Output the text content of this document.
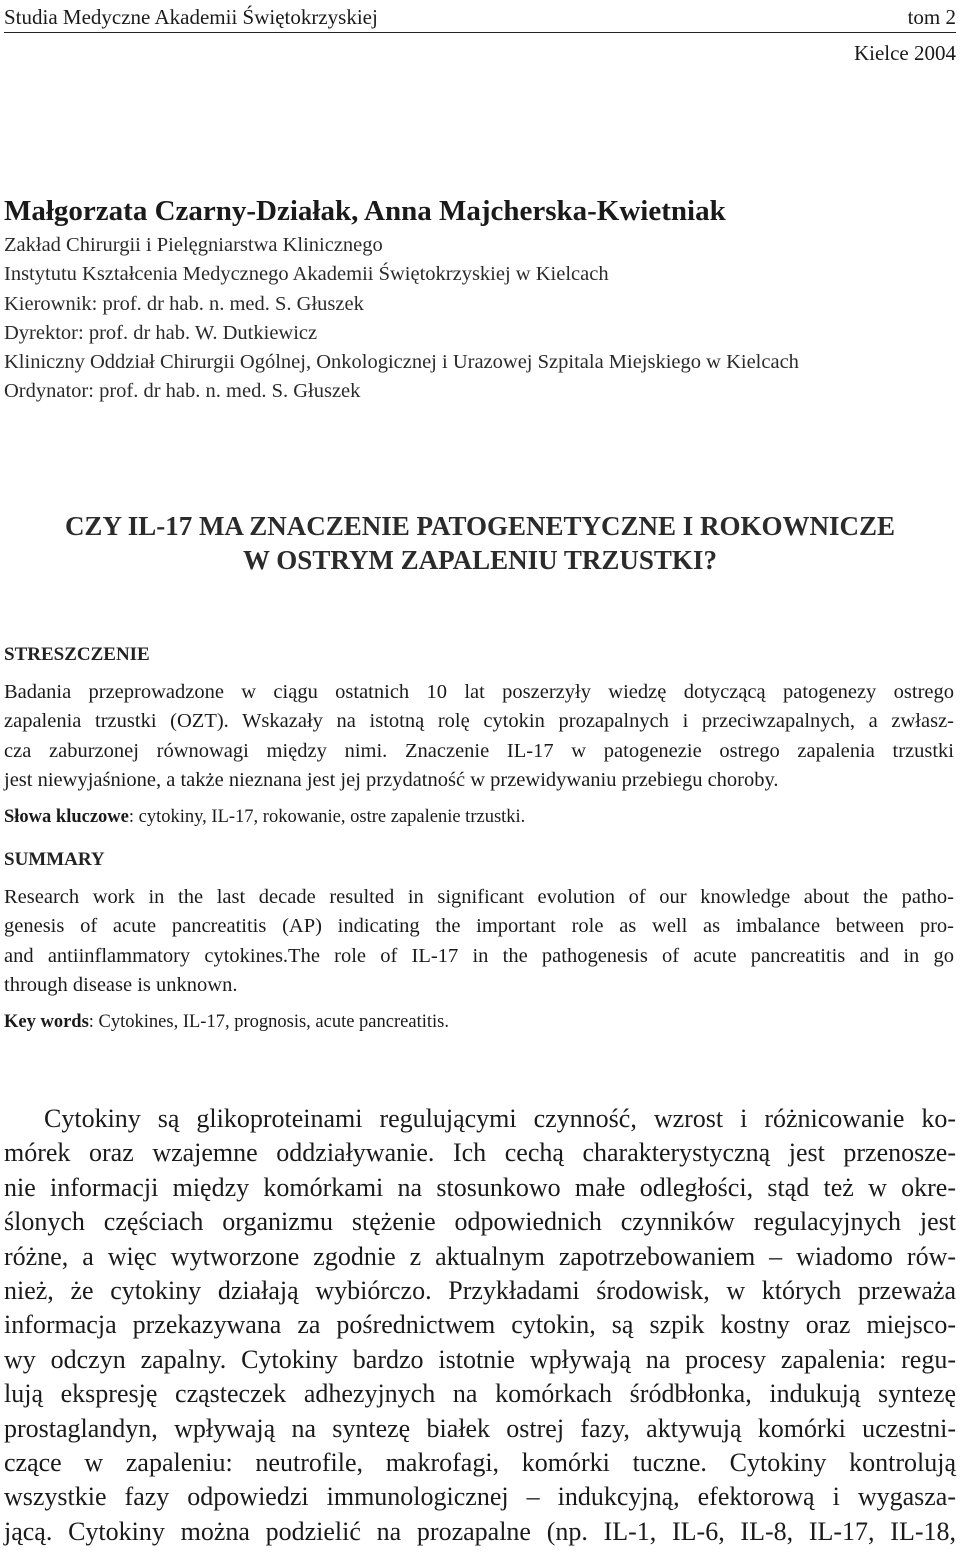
Studia Medyczne Akademii Świętokrzyskiej	tom 2
Kielce 2004
Małgorzata Czarny-Działak, Anna Majcherska-Kwietniak
Zakład Chirurgii i Pielęgniarstwa Klinicznego
Instytutu Kształcenia Medycznego Akademii Świętokrzyskiej w Kielcach
Kierownik: prof. dr hab. n. med. S. Głuszek
Dyrektor: prof. dr hab. W. Dutkiewicz
Kliniczny Oddział Chirurgii Ogólnej, Onkologicznej i Urazowej Szpitala Miejskiego w Kielcach
Ordynator: prof. dr hab. n. med. S. Głuszek
CZY IL-17 MA ZNACZENIE PATOGENETYCZNE I ROKOWNICZE
W OSTRYM ZAPALENIU TRZUSTKI?
STRESZCZENIE
Badania przeprowadzone w ciągu ostatnich 10 lat poszerzyły wiedzę dotyczącą patogenezy ostrego
zapalenia trzustki (OZT). Wskazały na istotną rolę cytokin prozapalnych i przeciwzapalnych, a zwłasz-
cza zaburzonej równowagi między nimi. Znaczenie IL-17 w patogenezie ostrego zapalenia trzustki
jest niewyjaśnione, a także nieznana jest jej przydatność w przewidywaniu przebiegu choroby.
Słowa kluczowe: cytokiny, IL-17, rokowanie, ostre zapalenie trzustki.
SUMMARY
Research work in the last decade resulted in significant evolution of our knowledge about the patho-
genesis of acute pancreatitis (AP) indicating the important role as well as imbalance between pro-
and antiinflammatory cytokines.The role of IL-17 in the pathogenesis of acute pancreatitis and in go
through disease is unknown.
Key words: Cytokines, IL-17, prognosis, acute pancreatitis.
Cytokiny są glikoproteinami regulującymi czynność, wzrost i różnicowanie ko-
mórek oraz wzajemne oddziaływanie. Ich cechą charakterystyczną jest przenosze-
nie informacji między komórkami na stosunkowo małe odległości, stąd też w okre-
ślonych częściach organizmu stężenie odpowiednich czynników regulacyjnych jest
różne, a więc wytworzone zgodnie z aktualnym zapotrzebowaniem – wiadomo rów-
nież, że cytokiny działają wybiórczo. Przykładami środowisk, w których przeważa
informacja przekazywana za pośrednictwem cytokin, są szpik kostny oraz miejsco-
wy odczyn zapalny. Cytokiny bardzo istotnie wpływają na procesy zapalenia: regu-
lują ekspresję cząsteczek adhezyjnych na komórkach śródbłonka, indukują syntezę
prostaglandyn, wpływają na syntezę białek ostrej fazy, aktywują komórki uczestni-
czące w zapaleniu: neutrofile, makrofagi, komórki tuczne. Cytokiny kontrolują
wszystkie fazy odpowiedzi immunologicznej – indukcyjną, efektorową i wygasza-
jącą. Cytokiny można podzielić na prozapalne (np. IL-1, IL-6, IL-8, IL-17, IL-18,
